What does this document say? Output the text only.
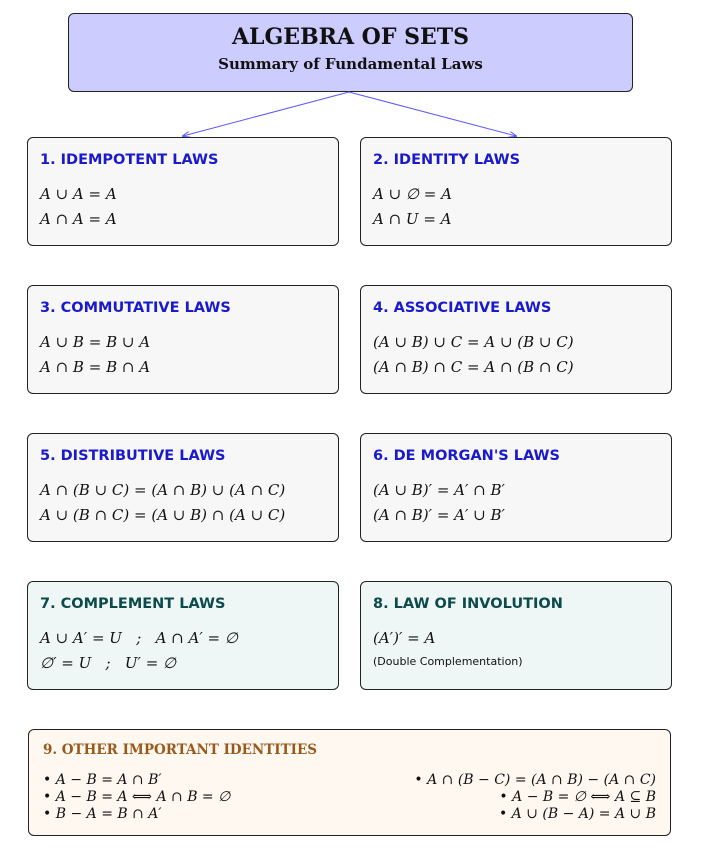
ALGEBRA OF SETS
Summary of Fundamental Laws
1. IDEMPOTENT LAWS
A ∪ A = A
A ∩ A = A
2. IDENTITY LAWS
A ∪ ∅ = A
A ∩ U = A
3. COMMUTATIVE LAWS
A ∪ B = B ∪ A
A ∩ B = B ∩ A
4. ASSOCIATIVE LAWS
(A ∪ B) ∪ C = A ∪ (B ∪ C)
(A ∩ B) ∩ C = A ∩ (B ∩ C)
5. DISTRIBUTIVE LAWS
A ∩ (B ∪ C) = (A ∩ B) ∪ (A ∩ C)
A ∪ (B ∩ C) = (A ∪ B) ∩ (A ∪ C)
6. DE MORGAN'S LAWS
(A ∪ B)′ = A′ ∩ B′
(A ∩ B)′ = A′ ∪ B′
7. COMPLEMENT LAWS
A ∪ A′ = U   ;   A ∩ A′ = ∅
∅′ = U   ;   U′ = ∅
8. LAW OF INVOLUTION
(A′)′ = A
(Double Complementation)
9. OTHER IMPORTANT IDENTITIES
• A − B = A ∩ B′
• A − B = A ⟺ A ∩ B = ∅
• B − A = B ∩ A′
• A ∩ (B − C) = (A ∩ B) − (A ∩ C)
• A − B = ∅ ⟺ A ⊆ B
• A ∪ (B − A) = A ∪ B
